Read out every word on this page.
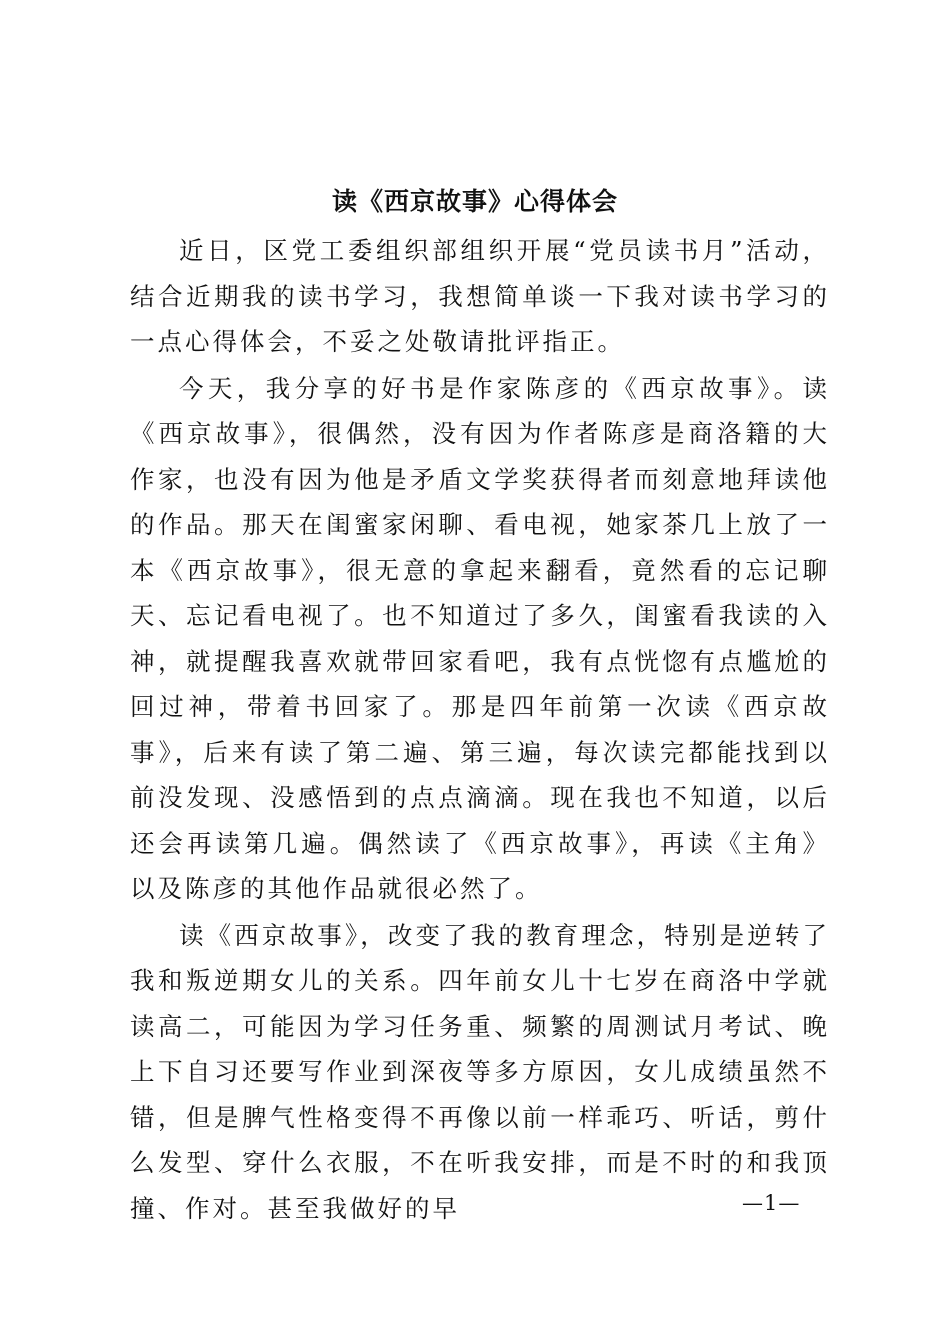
读《西京故事》心得体会

近日，区党工委组织部组织开展“党员读书月”活动，结合近期我的读书学习，我想简单谈一下我对读书学习的一点心得体会，不妥之处敬请批评指正。

今天，我分享的好书是作家陈彦的《西京故事》。读《西京故事》，很偶然，没有因为作者陈彦是商洛籍的大作家，也没有因为他是矛盾文学奖获得者而刻意地拜读他的作品。那天在闺蜜家闲聊、看电视，她家茶几上放了一本《西京故事》，很无意的拿起来翻看，竟然看的忘记聊天、忘记看电视了。也不知道过了多久，闺蜜看我读的入神，就提醒我喜欢就带回家看吧，我有点恍惚有点尴尬的回过神，带着书回家了。那是四年前第一次读《西京故事》，后来有读了第二遍、第三遍，每次读完都能找到以前没发现、没感悟到的点点滴滴。现在我也不知道，以后还会再读第几遍。偶然读了《西京故事》，再读《主角》以及陈彦的其他作品就很必然了。

读《西京故事》，改变了我的教育理念，特别是逆转了我和叛逆期女儿的关系。四年前女儿十七岁在商洛中学就读高二，可能因为学习任务重、频繁的周测试月考试、晚上下自习还要写作业到深夜等多方原因，女儿成绩虽然不错，但是脾气性格变得不再像以前一样乖巧、听话，剪什么发型、穿什么衣服，不在听我安排，而是不时的和我顶撞、作对。甚至我做好的早	—1—
